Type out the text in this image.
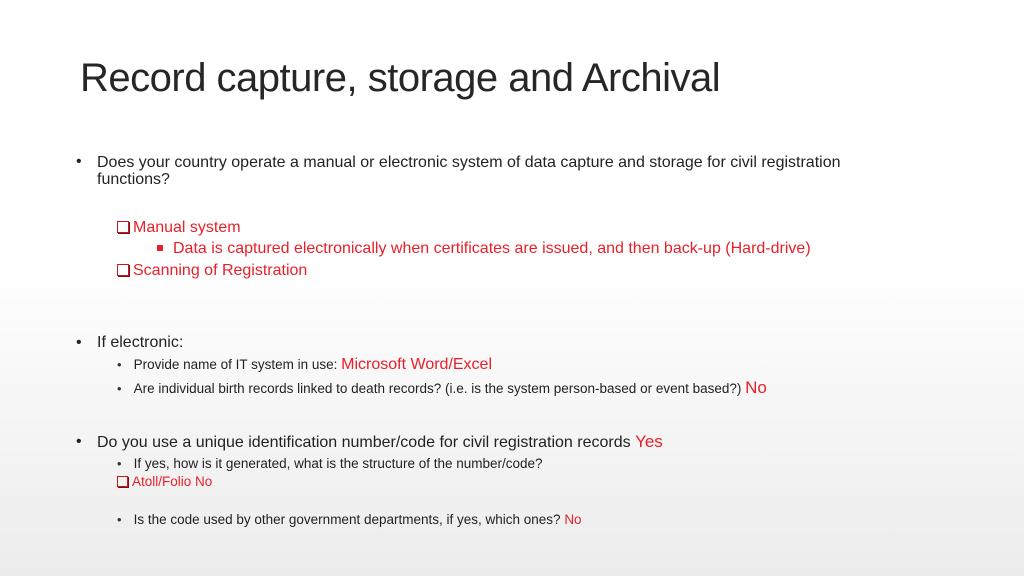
Record capture, storage and Archival
• Does your country operate a manual or electronic system of data capture and storage for civil registration
functions?
Manual system
Data is captured electronically when certificates are issued, and then back-up (Hard-drive)
Scanning of Registration
• If electronic:
• Provide name of IT system in use: Microsoft Word/Excel
• Are individual birth records linked to death records? (i.e. is the system person-based or event based?) No
• Do you use a unique identification number/code for civil registration records Yes
• If yes, how is it generated, what is the structure of the number/code?
Atoll/Folio No
• Is the code used by other government departments, if yes, which ones? No
